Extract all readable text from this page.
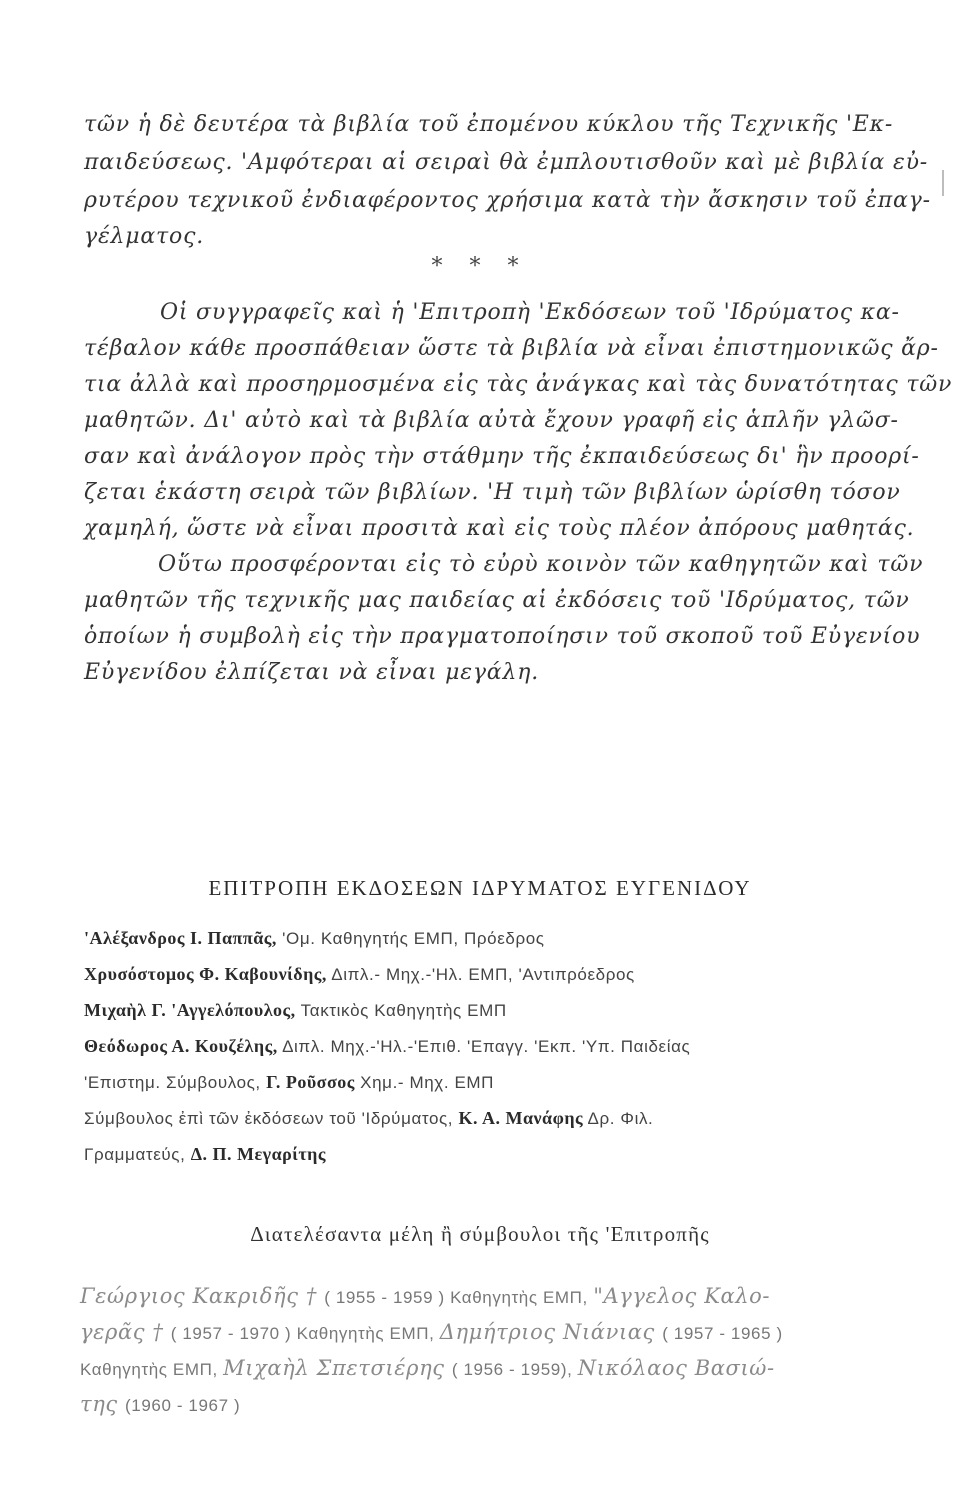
τῶν ἡ δὲ δευτέρα τὰ βιβλία τοῦ ἐπομένου κύκλου τῆς Τεχνικῆς 'Εκ-
παιδεύσεως. 'Αμφότεραι αἱ σειραὶ θὰ ἐμπλουτισθοῦν καὶ μὲ βιβλία εὐ-
ρυτέρου τεχνικοῦ ἐνδιαφέροντος χρήσιμα κατὰ τὴν ἄσκησιν τοῦ ἐπαγ-
γέλματος.
* * *
Οἱ συγγραφεῖς καὶ ἡ 'Επιτροπὴ 'Εκδόσεων τοῦ 'Ιδρύματος κα-
τέβαλον κάθε προσπάθειαν ὥστε τὰ βιβλία νὰ εἶναι ἐπιστημονικῶς ἄρ-
τια ἀλλὰ καὶ προσηρμοσμένα εἰς τὰς ἀνάγκας καὶ τὰς δυνατότητας τῶν
μαθητῶν. Δι' αὐτὸ καὶ τὰ βιβλία αὐτὰ ἔχουν γραφῆ εἰς ἁπλῆν γλῶσ-
σαν καὶ ἀνάλογον πρὸς τὴν στάθμην τῆς ἐκπαιδεύσεως δι' ἣν προορί-
ζεται ἑκάστη σειρὰ τῶν βιβλίων. 'Η τιμὴ τῶν βιβλίων ὡρίσθη τόσον
χαμηλή, ὥστε νὰ εἶναι προσιτὰ καὶ εἰς τοὺς πλέον ἀπόρους μαθητάς.
Οὕτω προσφέρονται εἰς τὸ εὐρὺ κοινὸν τῶν καθηγητῶν καὶ τῶν
μαθητῶν τῆς τεχνικῆς μας παιδείας αἱ ἐκδόσεις τοῦ 'Ιδρύματος, τῶν
ὁποίων ἡ συμβολὴ εἰς τὴν πραγματοποίησιν τοῦ σκοποῦ τοῦ Εὐγενίου
Εὐγενίδου ἐλπίζεται νὰ εἶναι μεγάλη.
ΕΠΙΤΡΟΠΗ ΕΚΔΟΣΕΩΝ ΙΔΡΥΜΑΤΟΣ ΕΥΓΕΝΙΔΟΥ
'Αλέξανδρος Ι. Παππᾶς, 'Ομ. Καθηγητής ΕΜΠ, Πρόεδρος
Χρυσόστομος Φ. Καβουνίδης, Διπλ.- Μηχ.-'Ηλ. ΕΜΠ, 'Αντιπρόεδρος
Μιχαὴλ Γ. 'Αγγελόπουλος, Τακτικὸς Καθηγητὴς ΕΜΠ
Θεόδωρος Α. Κουζέλης, Διπλ. Μηχ.-'Ηλ.-'Επιθ. 'Επαγγ. 'Εκπ. 'Υπ. Παιδείας
'Επιστημ. Σύμβουλος, Γ. Ροῦσσος Χημ.- Μηχ. ΕΜΠ
Σύμβουλος ἐπὶ τῶν ἐκδόσεων τοῦ 'Ιδρύματος, Κ. Α. Μανάφης Δρ. Φιλ.
Γραμματεύς, Δ. Π. Μεγαρίτης
Διατελέσαντα μέλη ἢ σύμβουλοι τῆς 'Επιτροπῆς
Γεώργιος Κακριδῆς † ( 1955 - 1959 ) Καθηγητὴς ΕΜΠ, "Αγγελος Καλο-
γερᾶς † ( 1957 - 1970 ) Καθηγητὴς ΕΜΠ, Δημήτριος Νιάνιας ( 1957 - 1965 )
Καθηγητὴς ΕΜΠ, Μιχαὴλ Σπετσιέρης ( 1956 - 1959), Νικόλαος Βασιώ-
της (1960 - 1967 )
